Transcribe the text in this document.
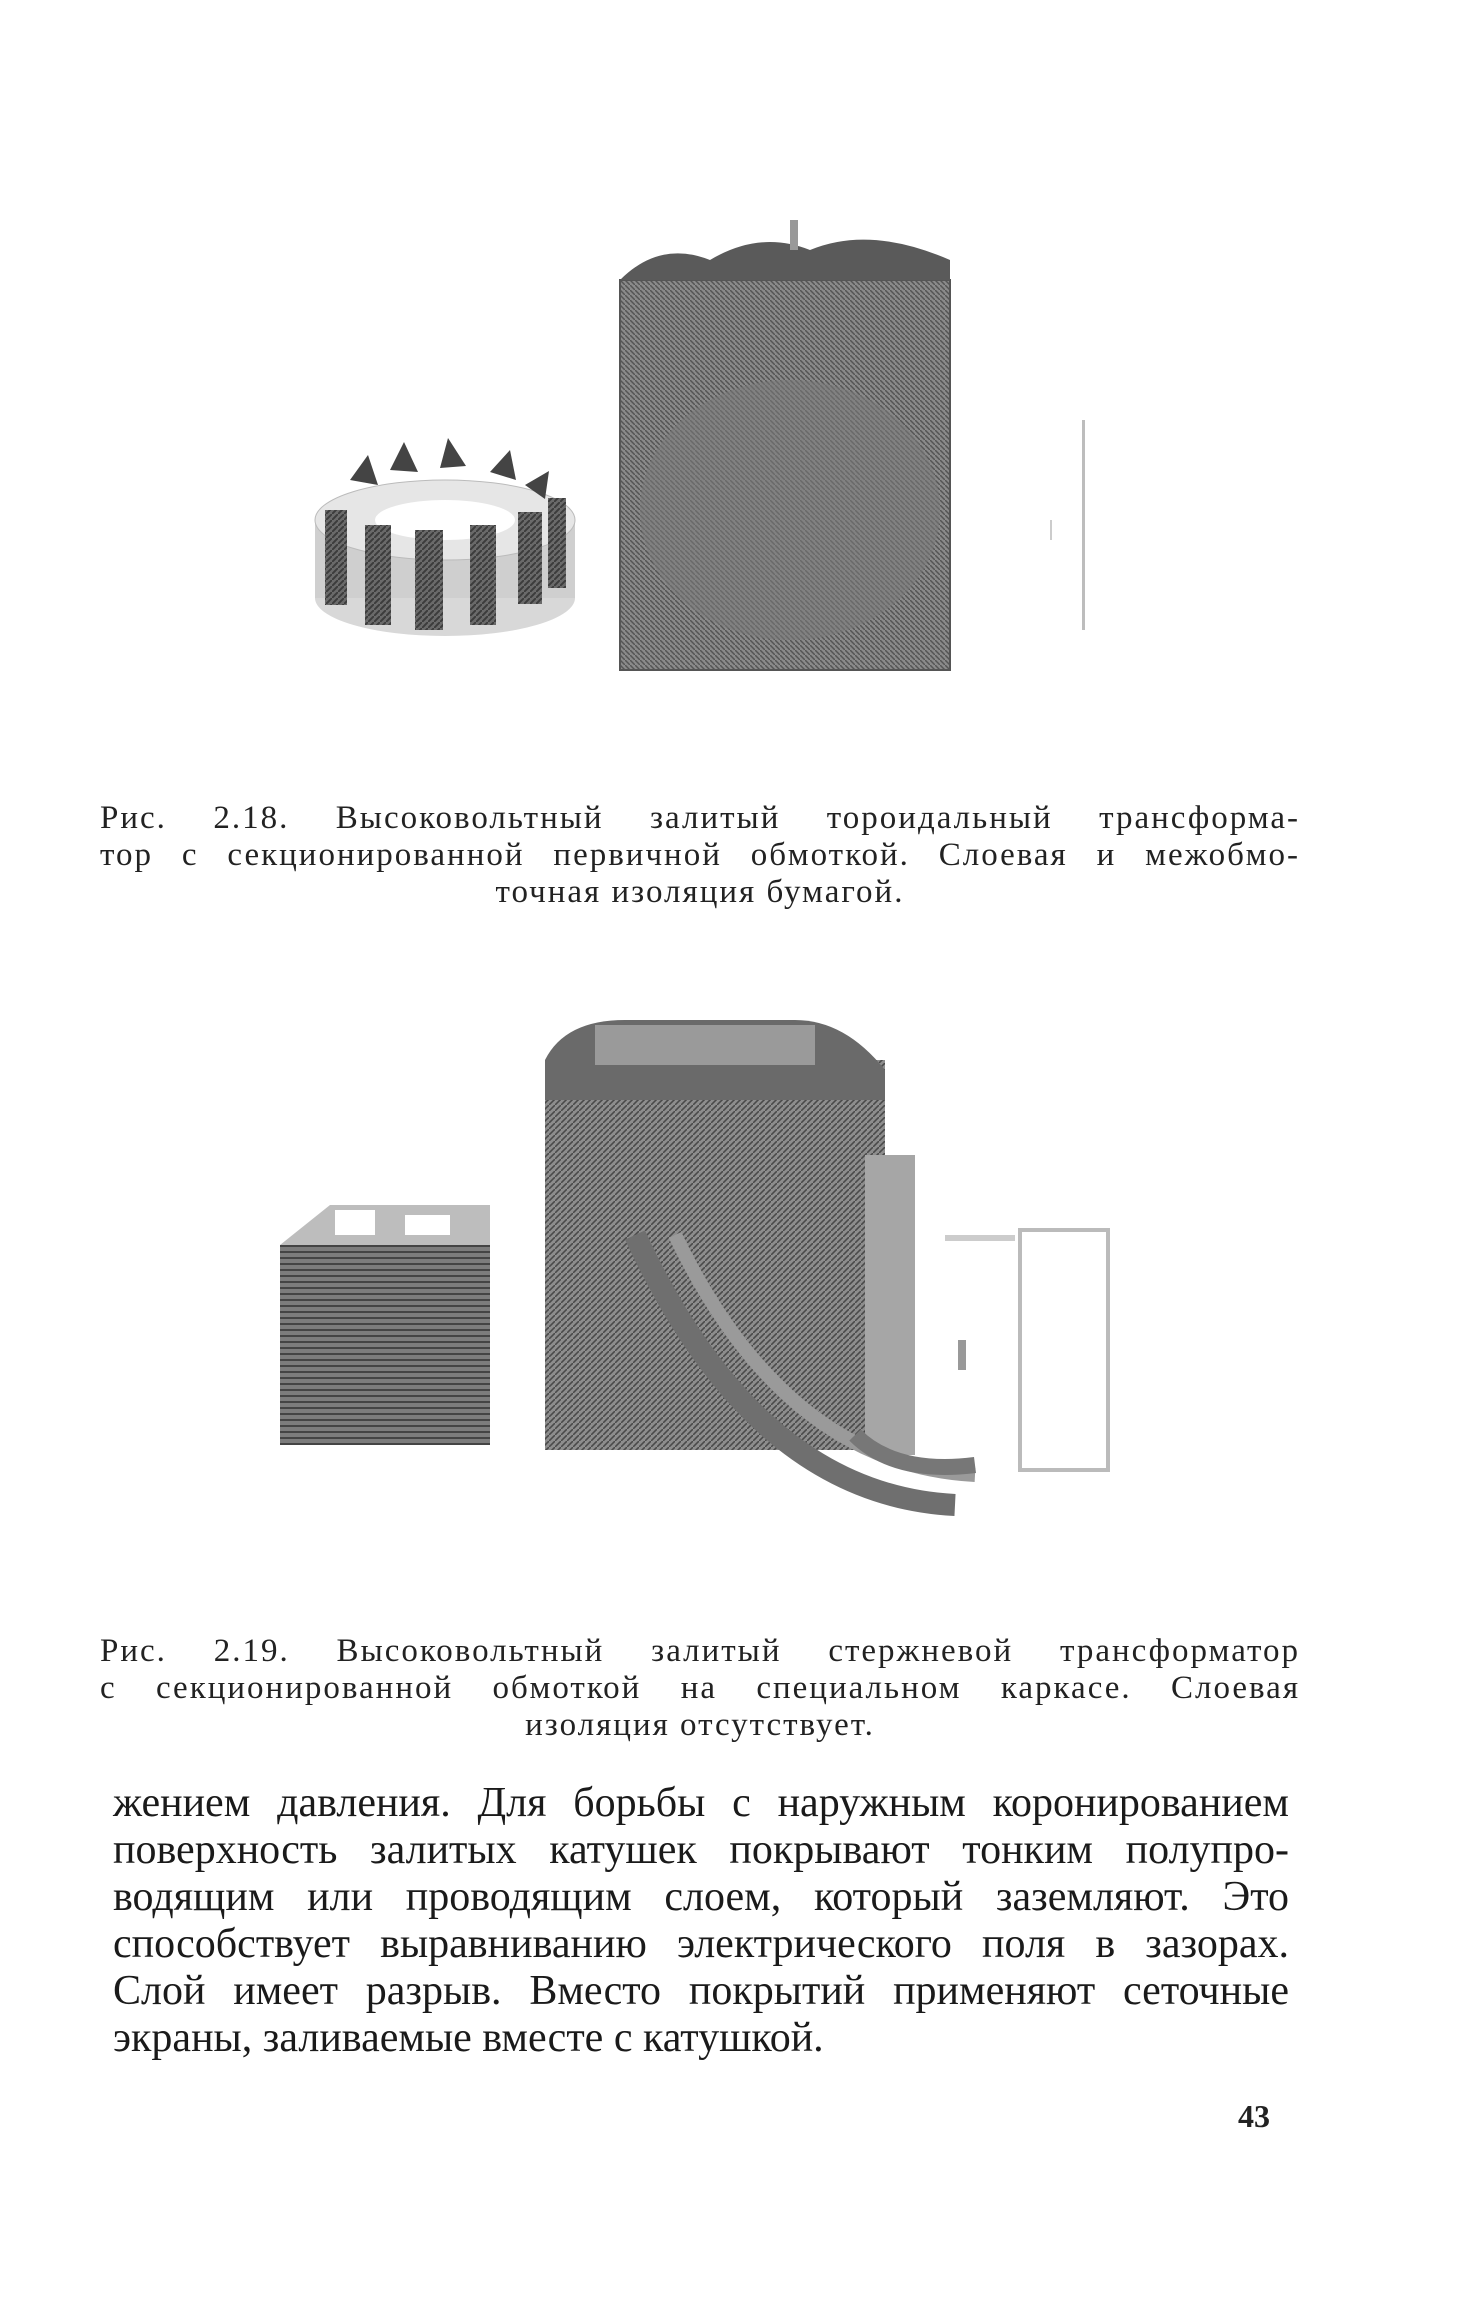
Рис. 2.18. Высоковольтный залитый тороидальный трансформа-
тор с секционированной первичной обмоткой. Слоевая и межобмо-
точная изоляция бумагой.
Рис. 2.19. Высоковольтный залитый стержневой трансформатор
с секционированной обмоткой на специальном каркасе. Слоевая
изоляция отсутствует.
жением давления. Для борьбы с наружным коронированием
поверхность залитых катушек покрывают тонким полупро-
водящим или проводящим слоем, который заземляют. Это
способствует выравниванию электрического поля в зазорах.
Слой имеет разрыв. Вместо покрытий применяют сеточные
экраны, заливаемые вместе с катушкой.
43
